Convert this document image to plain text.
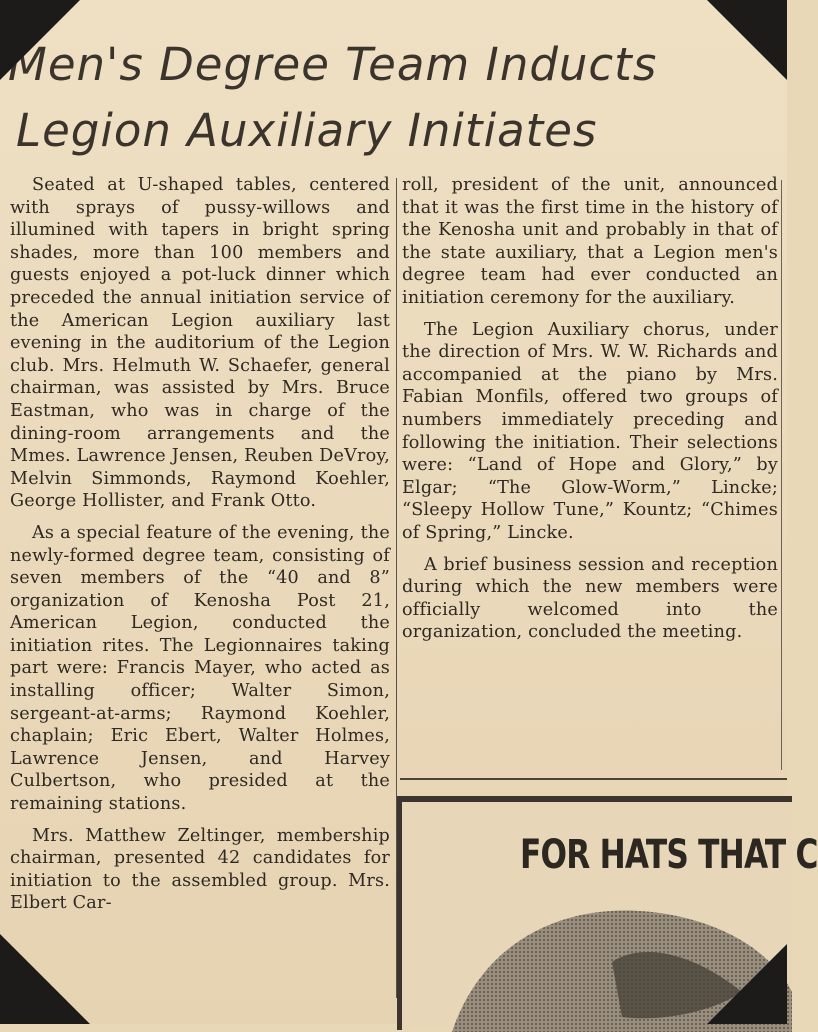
Men's Degree Team Inducts
Legion Auxiliary Initiates

Seated at U-shaped tables, centered with sprays of pussy-willows and illumined with tapers in bright spring shades, more than 100 members and guests enjoyed a pot-luck dinner which preceded the annual initiation service of the American Legion auxiliary last evening in the auditorium of the Legion club. Mrs. Helmuth W. Schaefer, general chairman, was assisted by Mrs. Bruce Eastman, who was in charge of the dining-room arrangements and the Mmes. Lawrence Jensen, Reuben DeVroy, Melvin Simmonds, Raymond Koehler, George Hollister, and Frank Otto.

As a special feature of the evening, the newly-formed degree team, consisting of seven members of the “40 and 8” organization of Kenosha Post 21, American Legion, conducted the initiation rites. The Legionnaires taking part were: Francis Mayer, who acted as installing officer; Walter Simon, sergeant-at-arms; Raymond Koehler, chaplain; Eric Ebert, Walter Holmes, Lawrence Jensen, and Harvey Culbertson, who presided at the remaining stations.

Mrs. Matthew Zeltinger, membership chairman, presented 42 candidates for initiation to the assembled group. Mrs. Elbert Car-

roll, president of the unit, announced that it was the first time in the history of the Kenosha unit and probably in that of the state auxiliary, that a Legion men's degree team had ever conducted an initiation ceremony for the auxiliary.

The Legion Auxiliary chorus, under the direction of Mrs. W. W. Richards and accompanied at the piano by Mrs. Fabian Monfils, offered two groups of numbers immediately preceding and following the initiation. Their selections were: “Land of Hope and Glory,” by Elgar; “The Glow-Worm,” Lincke; “Sleepy Hollow Tune,” Kountz; “Chimes of Spring,” Lincke.

A brief business session and reception during which the new members were officially welcomed into the organization, concluded the meeting.

FOR HATS THAT C
